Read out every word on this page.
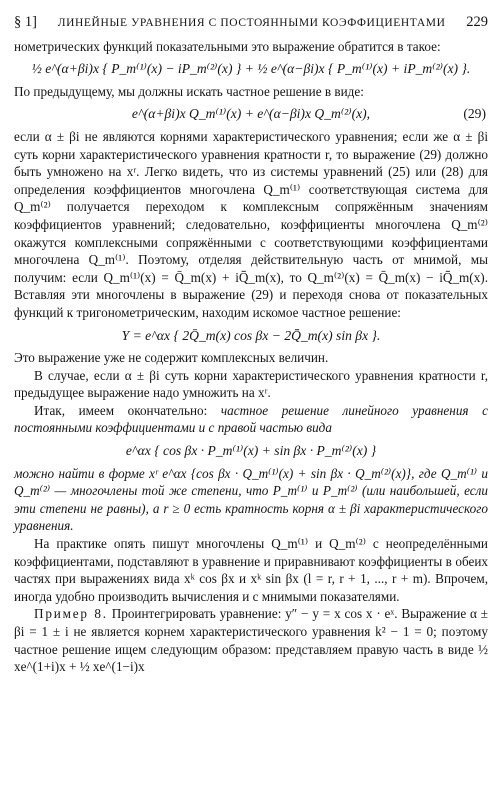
§ 1] ЛИНЕЙНЫЕ УРАВНЕНИЯ С ПОСТОЯННЫМИ КОЭФФИЦИЕНТАМИ 229

нометрических функций показательными это выражение обратится в такое:

½ e^(α+βi)x { P_m⁽¹⁾(x) − iP_m⁽²⁾(x) } + ½ e^(α−βi)x { P_m⁽¹⁾(x) + iP_m⁽²⁾(x) }.

По предыдущему, мы должны искать частное решение в виде:

e^(α+βi)x Q_m⁽¹⁾(x) + e^(α−βi)x Q_m⁽²⁾(x),	(29)

если α ± βi не являются корнями характеристического уравнения; если же α ± βi суть корни характеристического уравнения кратности r, то выражение (29) должно быть умножено на xʳ. Легко видеть, что из системы уравнений (25) или (28) для определения коэффициентов многочлена Q_m⁽¹⁾ соответствующая система для Q_m⁽²⁾ получается переходом к комплексным сопряжённым значениям коэффициентов уравнений; следовательно, коэффициенты многочлена Q_m⁽²⁾ окажутся комплексными сопряжёнными с соответствующими коэффициентами многочлена Q_m⁽¹⁾. Поэтому, отделяя действительную часть от мнимой, мы получим: если Q_m⁽¹⁾(x) = Q̄_m(x) + iQ̄̄_m(x), то Q_m⁽²⁾(x) = Q̄_m(x) − iQ̄̄_m(x). Вставляя эти многочлены в выражение (29) и переходя снова от показательных функций к тригонометрическим, находим искомое частное решение:

Y = e^αx { 2Q̄_m(x) cos βx − 2Q̄̄_m(x) sin βx }.

Это выражение уже не содержит комплексных величин.

В случае, если α ± βi суть корни характеристического уравнения кратности r, предыдущее выражение надо умножить на xʳ.

Итак, имеем окончательно: частное решение линейного уравнения с постоянными коэффициентами и с правой частью вида

e^αx { cos βx · P_m⁽¹⁾(x) + sin βx · P_m⁽²⁾(x) }

можно найти в форме xʳ e^αx {cos βx · Q_m⁽¹⁾(x) + sin βx · Q_m⁽²⁾(x)}, где Q_m⁽¹⁾ и Q_m⁽²⁾ — многочлены той же степени, что P_m⁽¹⁾ и P_m⁽²⁾ (или наибольшей, если эти степени не равны), а r ≥ 0 есть кратность корня α ± βi характеристического уравнения.

На практике опять пишут многочлены Q_m⁽¹⁾ и Q_m⁽²⁾ с неопределёнными коэффициентами, подставляют в уравнение и приравнивают коэффициенты в обеих частях при выражениях вида xᵏ cos βx и xᵏ sin βx (l = r, r + 1, ..., r + m). Впрочем, иногда удобно производить вычисления и с мнимыми показателями.

Пример 8. Проинтегрировать уравнение: y″ − y = x cos x · eˣ. Выражение α ± βi = 1 ± i не является корнем характеристического уравнения k² − 1 = 0; поэтому частное решение ищем следующим образом: представляем правую часть в виде ½ xe^(1+i)x + ½ xe^(1−i)x
